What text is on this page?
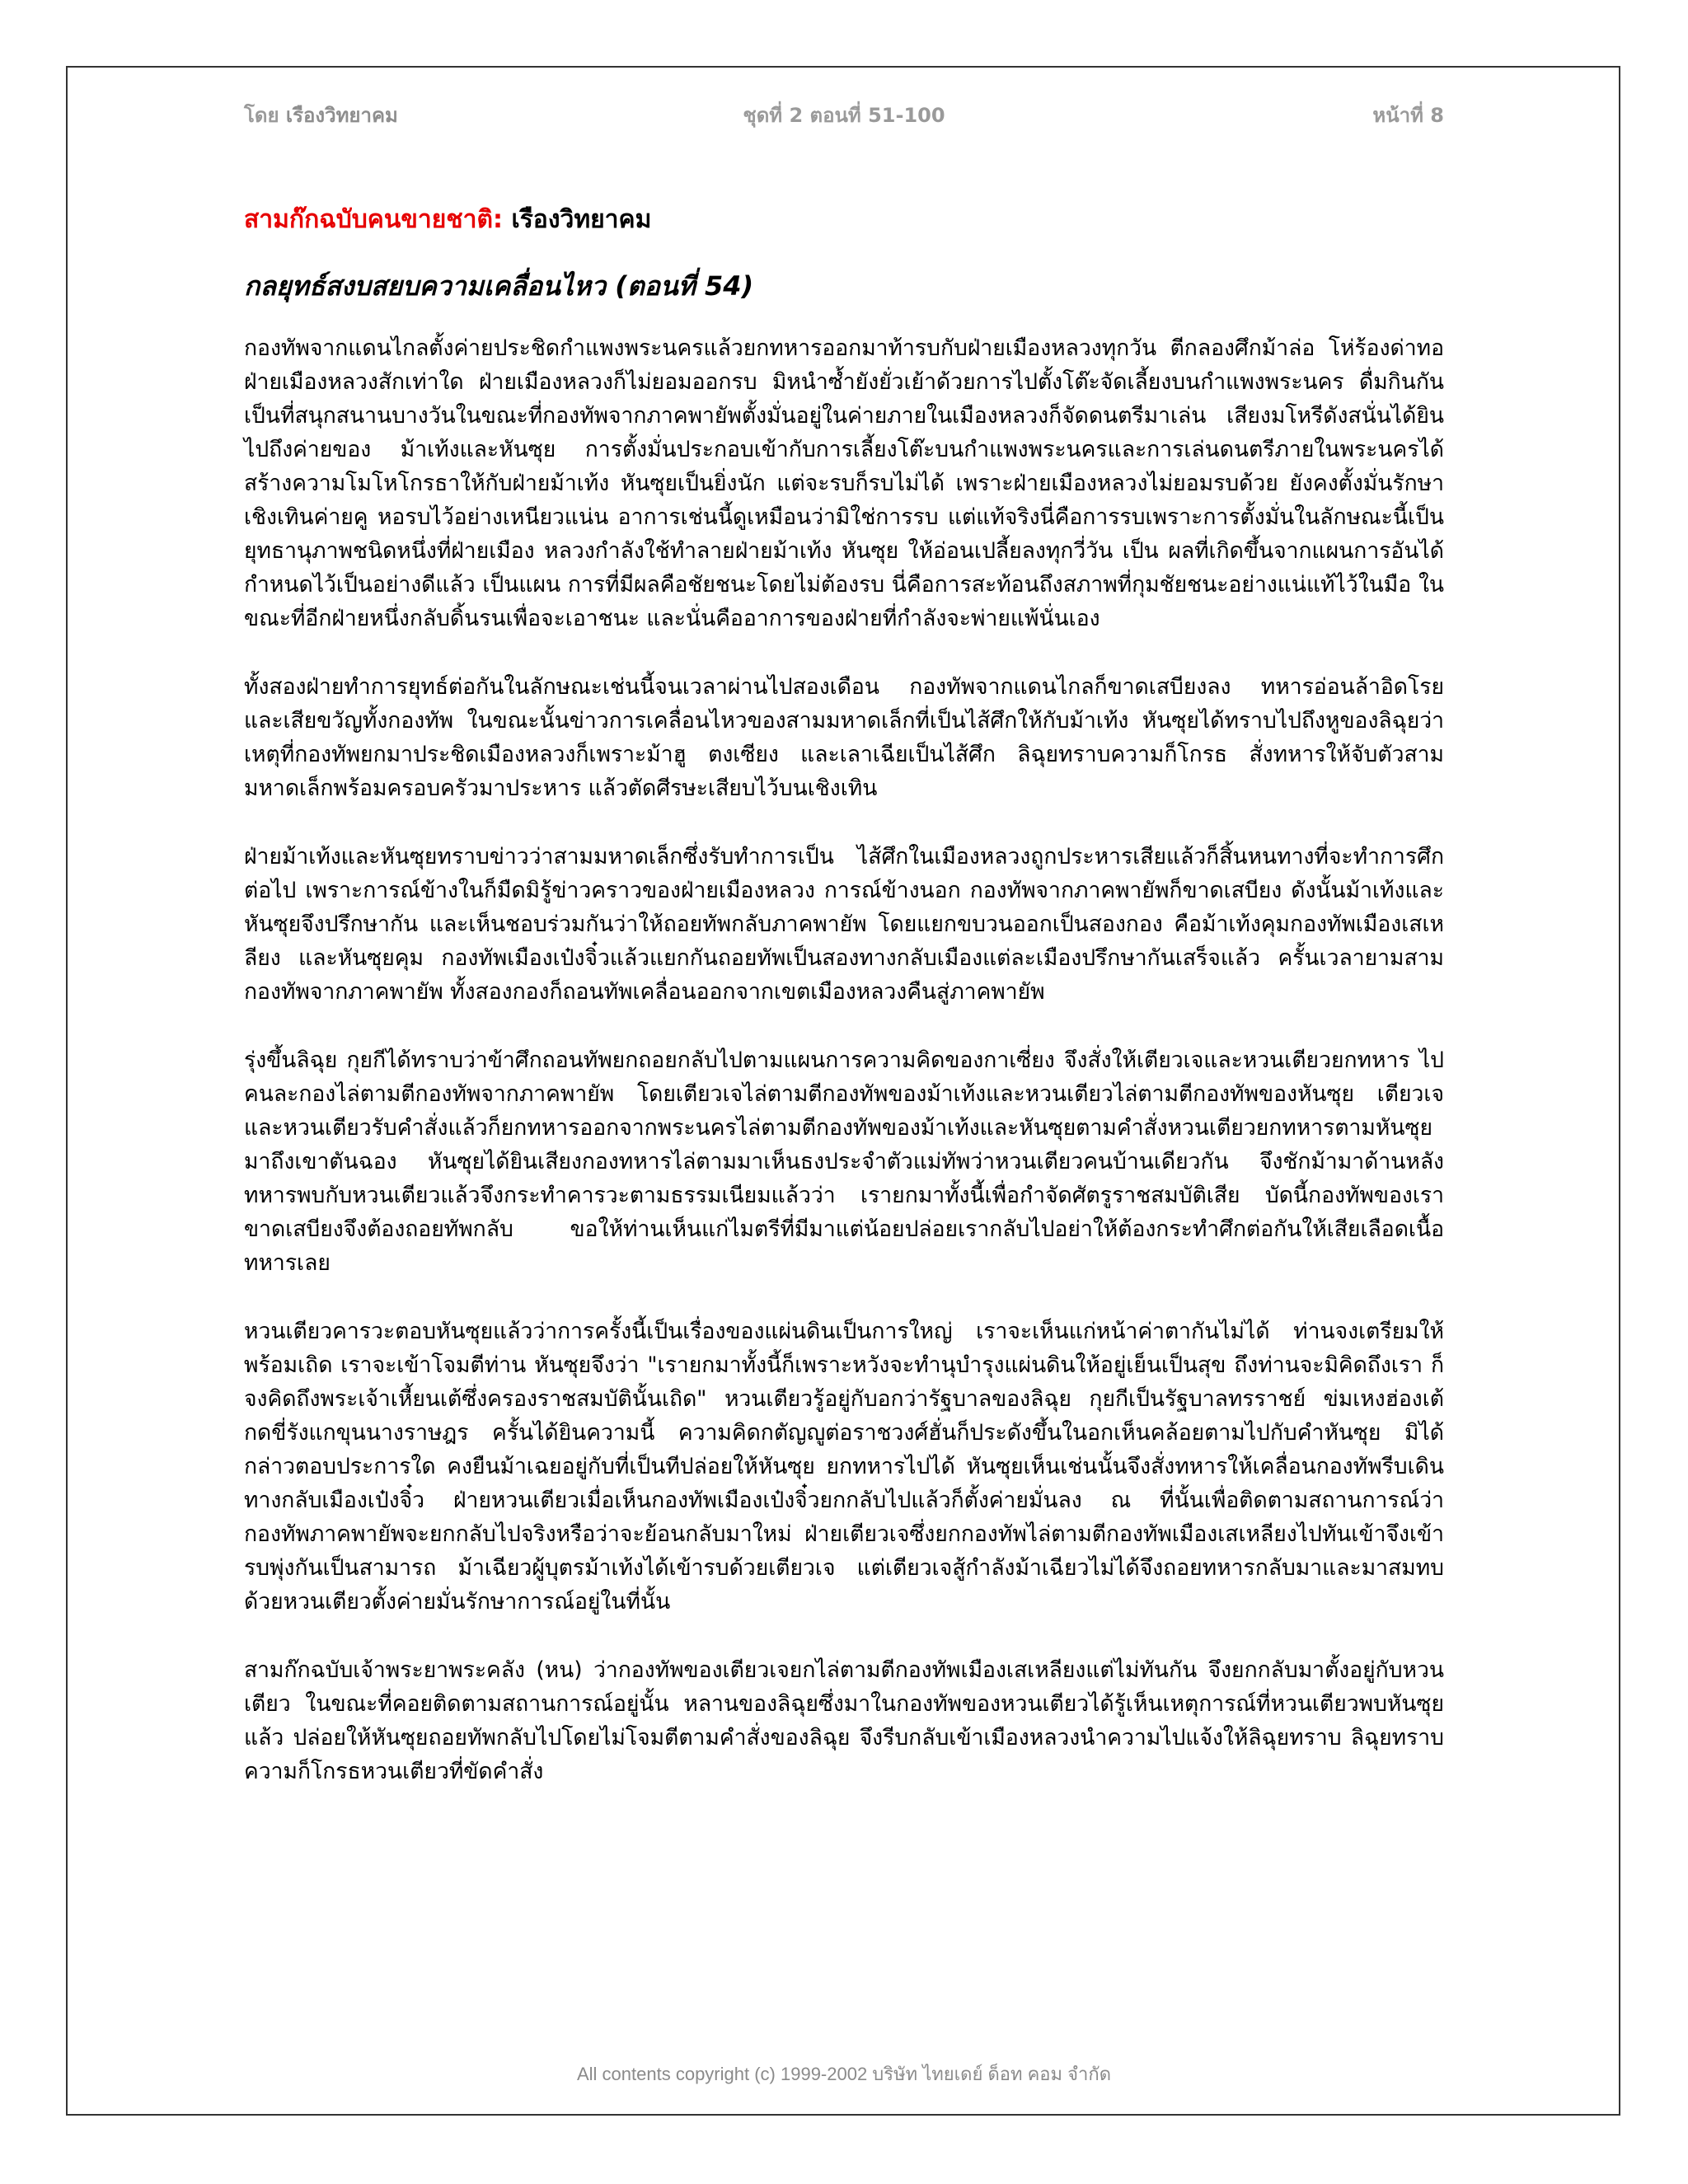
โดย เรืองวิทยาคม	ชุดที่ 2 ตอนที่ 51-100	หน้าที่ 8
สามก๊กฉบับคนขายชาติ: เรืองวิทยาคม
กลยุทธ์สงบสยบความเคลื่อนไหว (ตอนที่ 54)

กองทัพจากแดนไกลตั้งค่ายประชิดกำแพงพระนครแล้วยกทหารออกมาท้ารบกับฝ่ายเมืองหลวงทุกวัน ตีกลองศึกม้าล่อ โห่ร้องด่าทอฝ่ายเมืองหลวงสักเท่าใด ฝ่ายเมืองหลวงก็ไม่ยอมออกรบ มิหนำซ้ำยังยั่วเย้าด้วยการไปตั้งโต๊ะจัดเลี้ยงบนกำแพงพระนคร ดื่มกินกันเป็นที่สนุกสนานบางวันในขณะที่กองทัพจากภาคพายัพตั้งมั่นอยู่ในค่ายภายในเมืองหลวงก็จัดดนตรีมาเล่น เสียงมโหรีดังสนั่นได้ยินไปถึงค่ายของ ม้าเท้งและหันซุย การตั้งมั่นประกอบเข้ากับการเลี้ยงโต๊ะบนกำแพงพระนครและการเล่นดนตรีภายในพระนครได้สร้างความโมโหโกรธาให้กับฝ่ายม้าเท้ง หันซุยเป็นยิ่งนัก แต่จะรบก็รบไม่ได้ เพราะฝ่ายเมืองหลวงไม่ยอมรบด้วย ยังคงตั้งมั่นรักษาเชิงเทินค่ายคู หอรบไว้อย่างเหนียวแน่น อาการเช่นนี้ดูเหมือนว่ามิใช่การรบ แต่แท้จริงนี่คือการรบเพราะการตั้งมั่นในลักษณะนี้เป็นยุทธานุภาพชนิดหนึ่งที่ฝ่ายเมือง หลวงกำลังใช้ทำลายฝ่ายม้าเท้ง หันซุย ให้อ่อนเปลี้ยลงทุกวี่วัน เป็น ผลที่เกิดขึ้นจากแผนการอันได้กำหนดไว้เป็นอย่างดีแล้ว เป็นแผน การที่มีผลคือชัยชนะโดยไม่ต้องรบ นี่คือการสะท้อนถึงสภาพที่กุมชัยชนะอย่างแน่แท้ไว้ในมือ ในขณะที่อีกฝ่ายหนึ่งกลับดิ้นรนเพื่อจะเอาชนะ และนั่นคืออาการของฝ่ายที่กำลังจะพ่ายแพ้นั่นเอง

ทั้งสองฝ่ายทำการยุทธ์ต่อกันในลักษณะเช่นนี้จนเวลาผ่านไปสองเดือน กองทัพจากแดนไกลก็ขาดเสบียงลง ทหารอ่อนล้าอิดโรย และเสียขวัญทั้งกองทัพ ในขณะนั้นข่าวการเคลื่อนไหวของสามมหาดเล็กที่เป็นไส้ศึกให้กับม้าเท้ง หันซุยได้ทราบไปถึงหูของลิฉุยว่าเหตุที่กองทัพยกมาประชิดเมืองหลวงก็เพราะม้าฮู ตงเซียง และเลาเฉียเป็นไส้ศึก ลิฉุยทราบความก็โกรธ สั่งทหารให้จับตัวสามมหาดเล็กพร้อมครอบครัวมาประหาร แล้วตัดศีรษะเสียบไว้บนเชิงเทิน

ฝ่ายม้าเท้งและหันซุยทราบข่าวว่าสามมหาดเล็กซึ่งรับทำการเป็น ไส้ศึกในเมืองหลวงถูกประหารเสียแล้วก็สิ้นหนทางที่จะทำการศึกต่อไป เพราะการณ์ข้างในก็มืดมิรู้ข่าวคราวของฝ่ายเมืองหลวง การณ์ข้างนอก กองทัพจากภาคพายัพก็ขาดเสบียง ดังนั้นม้าเท้งและหันซุยจึงปรึกษากัน และเห็นชอบร่วมกันว่าให้ถอยทัพกลับภาคพายัพ โดยแยกขบวนออกเป็นสองกอง คือม้าเท้งคุมกองทัพเมืองเสเหลียง และหันซุยคุม กองทัพเมืองเป๋งจิ๋วแล้วแยกกันถอยทัพเป็นสองทางกลับเมืองแต่ละเมืองปรึกษากันเสร็จแล้ว ครั้นเวลายามสามกองทัพจากภาคพายัพ ทั้งสองกองก็ถอนทัพเคลื่อนออกจากเขตเมืองหลวงคืนสู่ภาคพายัพ

รุ่งขึ้นลิฉุย กุยกีได้ทราบว่าข้าศึกถอนทัพยกถอยกลับไปตามแผนการความคิดของกาเซี่ยง จึงสั่งให้เตียวเจและหวนเตียวยกทหาร ไปคนละกองไล่ตามตีกองทัพจากภาคพายัพ โดยเตียวเจไล่ตามตีกองทัพของม้าเท้งและหวนเตียวไล่ตามตีกองทัพของหันซุย เตียวเจและหวนเตียวรับคำสั่งแล้วก็ยกทหารออกจากพระนครไล่ตามตีกองทัพของม้าเท้งและหันซุยตามคำสั่งหวนเตียวยกทหารตามหันซุยมาถึงเขาตันฉอง หันซุยได้ยินเสียงกองทหารไล่ตามมาเห็นธงประจำตัวแม่ทัพว่าหวนเตียวคนบ้านเดียวกัน จึงชักม้ามาด้านหลังทหารพบกับหวนเตียวแล้วจึงกระทำคารวะตามธรรมเนียมแล้วว่า เรายกมาทั้งนี้เพื่อกำจัดศัตรูราชสมบัติเสีย บัดนี้กองทัพของเราขาดเสบียงจึงต้องถอยทัพกลับ ขอให้ท่านเห็นแก่ไมตรีที่มีมาแต่น้อยปล่อยเรากลับไปอย่าให้ต้องกระทำศึกต่อกันให้เสียเลือดเนื้อทหารเลย

หวนเตียวคารวะตอบหันซุยแล้วว่าการครั้งนี้เป็นเรื่องของแผ่นดินเป็นการใหญ่ เราจะเห็นแก่หน้าค่าตากันไม่ได้ ท่านจงเตรียมให้พร้อมเถิด เราจะเข้าโจมตีท่าน หันซุยจึงว่า "เรายกมาทั้งนี้ก็เพราะหวังจะทำนุบำรุงแผ่นดินให้อยู่เย็นเป็นสุข ถึงท่านจะมิคิดถึงเรา ก็จงคิดถึงพระเจ้าเหี้ยนเต้ซึ่งครองราชสมบัตินั้นเถิด" หวนเตียวรู้อยู่กับอกว่ารัฐบาลของลิฉุย กุยกีเป็นรัฐบาลทรราชย์ ข่มเหงฮ่องเต้กดขี่รังแกขุนนางราษฎร ครั้นได้ยินความนี้ ความคิดกตัญญูต่อราชวงศ์ฮั่นก็ประดังขึ้นในอกเห็นคล้อยตามไปกับคำหันซุย มิได้กล่าวตอบประการใด คงยืนม้าเฉยอยู่กับที่เป็นทีปล่อยให้หันซุย ยกทหารไปได้ หันซุยเห็นเช่นนั้นจึงสั่งทหารให้เคลื่อนกองทัพรีบเดินทางกลับเมืองเป๋งจิ๋ว ฝ่ายหวนเตียวเมื่อเห็นกองทัพเมืองเป๋งจิ๋วยกกลับไปแล้วก็ตั้งค่ายมั่นลง ณ ที่นั้นเพื่อติดตามสถานการณ์ว่ากองทัพภาคพายัพจะยกกลับไปจริงหรือว่าจะย้อนกลับมาใหม่ ฝ่ายเตียวเจซึ่งยกกองทัพไล่ตามตีกองทัพเมืองเสเหลียงไปทันเข้าจึงเข้ารบพุ่งกันเป็นสามารถ ม้าเฉียวผู้บุตรม้าเท้งได้เข้ารบด้วยเตียวเจ แต่เตียวเจสู้กำลังม้าเฉียวไม่ได้จึงถอยทหารกลับมาและมาสมทบด้วยหวนเตียวตั้งค่ายมั่นรักษาการณ์อยู่ในที่นั้น

สามก๊กฉบับเจ้าพระยาพระคลัง (หน) ว่ากองทัพของเตียวเจยกไล่ตามตีกองทัพเมืองเสเหลียงแต่ไม่ทันกัน จึงยกกลับมาตั้งอยู่กับหวนเตียว ในขณะที่คอยติดตามสถานการณ์อยู่นั้น หลานของลิฉุยซึ่งมาในกองทัพของหวนเตียวได้รู้เห็นเหตุการณ์ที่หวนเตียวพบหันซุยแล้ว ปล่อยให้หันซุยถอยทัพกลับไปโดยไม่โจมตีตามคำสั่งของลิฉุย จึงรีบกลับเข้าเมืองหลวงนำความไปแจ้งให้ลิฉุยทราบ ลิฉุยทราบความก็โกรธหวนเตียวที่ขัดคำสั่ง

All contents copyright (c) 1999-2002 บริษัท ไทยเดย์ ด็อท คอม จำกัด
